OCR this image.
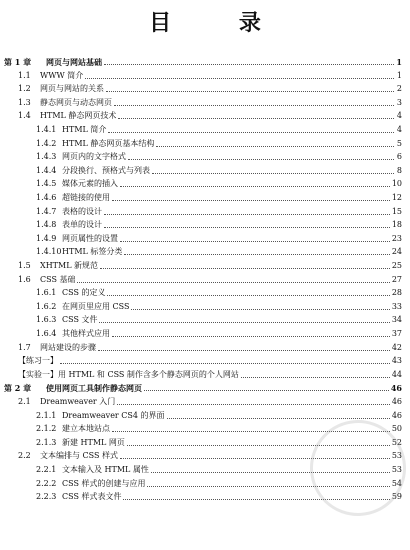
目 录
第 1 章	网页与网站基础	1
1.1	WWW 简介	1
1.2	网页与网站的关系	2
1.3	静态网页与动态网页	3
1.4	HTML 静态网页技术	4
1.4.1 HTML 简介	4
1.4.2 HTML 静态网页基本结构	5
1.4.3 网页内的文字格式	6
1.4.4 分段换行、预格式与列表	8
1.4.5 媒体元素的插入	10
1.4.6 超链接的使用	12
1.4.7 表格的设计	15
1.4.8 表单的设计	18
1.4.9 网页属性的设置	23
1.4.10 HTML 标签分类	24
1.5	XHTML 新规范	25
1.6	CSS 基础	27
1.6.1 CSS 的定义	28
1.6.2 在网页里应用 CSS	33
1.6.3 CSS 文件	34
1.6.4 其他样式应用	37
1.7	网站建设的步骤	42
【练习一】	43
【实验一】用 HTML 和 CSS 制作含多个静态网页的个人网站	44
第 2 章	使用网页工具制作静态网页	46
2.1	Dreamweaver 入门	46
2.1.1 Dreamweaver CS4 的界面	46
2.1.2 建立本地站点	50
2.1.3 新建 HTML 网页	52
2.2	文本编排与 CSS 样式	53
2.2.1 文本输入及 HTML 属性	53
2.2.2 CSS 样式的创建与应用	54
2.2.3 CSS 样式表文件	59
